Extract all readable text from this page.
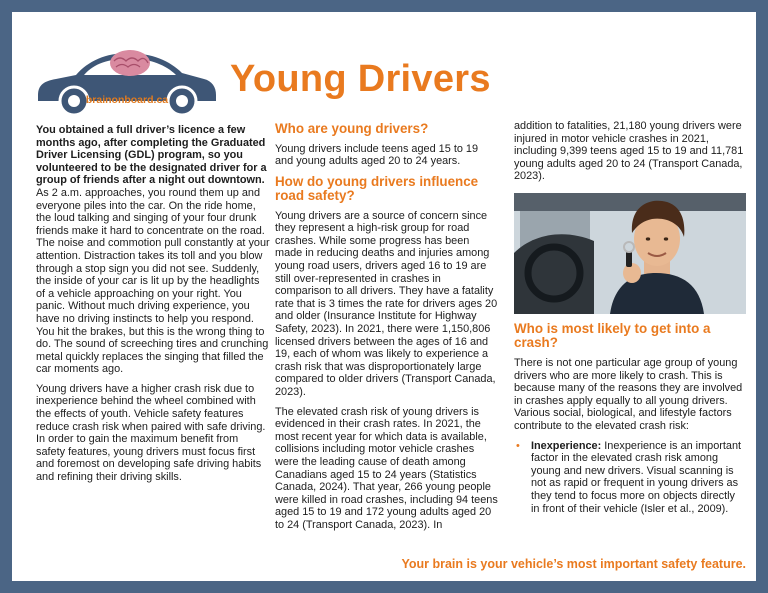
brainonboard.ca	Young Drivers

You obtained a full driver’s licence a few months ago, after completing the Graduated Driver Licensing (GDL) program, so you volunteered to be the designated driver for a group of friends after a night out downtown. As 2 a.m. approaches, you round them up and everyone piles into the car. On the ride home, the loud talking and singing of your four drunk friends make it hard to concentrate on the road. The noise and commotion pull constantly at your attention. Distraction takes its toll and you blow through a stop sign you did not see. Suddenly, the inside of your car is lit up by the headlights of a vehicle approaching on your right. You panic. Without much driving experience, you have no driving instincts to help you respond. You hit the brakes, but this is the wrong thing to do. The sound of screeching tires and crunching metal quickly replaces the singing that filled the car moments ago.

Young drivers have a higher crash risk due to inexperience behind the wheel combined with the effects of youth. Vehicle safety features reduce crash risk when paired with safe driving. In order to gain the maximum benefit from safety features, young drivers must focus first and foremost on developing safe driving habits and refining their driving skills.

Who are young drivers?

Young drivers include teens aged 15 to 19 and young adults aged 20 to 24 years.

How do young drivers influence road safety?

Young drivers are a source of concern since they represent a high-risk group for road crashes. While some progress has been made in reducing deaths and injuries among young road users, drivers aged 16 to 19 are still over-represented in crashes in comparison to all drivers. They have a fatality rate that is 3 times the rate for drivers ages 20 and older (Insurance Institute for Highway Safety, 2023). In 2021, there were 1,150,806 licensed drivers between the ages of 16 and 19, each of whom was likely to experience a crash risk that was disproportionately large compared to older drivers (Transport Canada, 2023).

The elevated crash risk of young drivers is evidenced in their crash rates. In 2021, the most recent year for which data is available, collisions including motor vehicle crashes were the leading cause of death among Canadians aged 15 to 24 years (Statistics Canada, 2024). That year, 266 young people were killed in road crashes, including 94 teens aged 15 to 19 and 172 young adults aged 20 to 24 (Transport Canada, 2023). In

addition to fatalities, 21,180 young drivers were injured in motor vehicle crashes in 2021, including 9,399 teens aged 15 to 19 and 11,781 young adults aged 20 to 24 (Transport Canada, 2023).

Who is most likely to get into a crash?

There is not one particular age group of young drivers who are more likely to crash. This is because many of the reasons they are involved in crashes apply equally to all young drivers. Various social, biological, and lifestyle factors contribute to the elevated crash risk:

• Inexperience: Inexperience is an important factor in the elevated crash risk among young and new drivers. Visual scanning is not as rapid or frequent in young drivers as they tend to focus more on objects directly in front of their vehicle (Isler et al., 2009).
Your brain is your vehicle’s most important safety feature.
